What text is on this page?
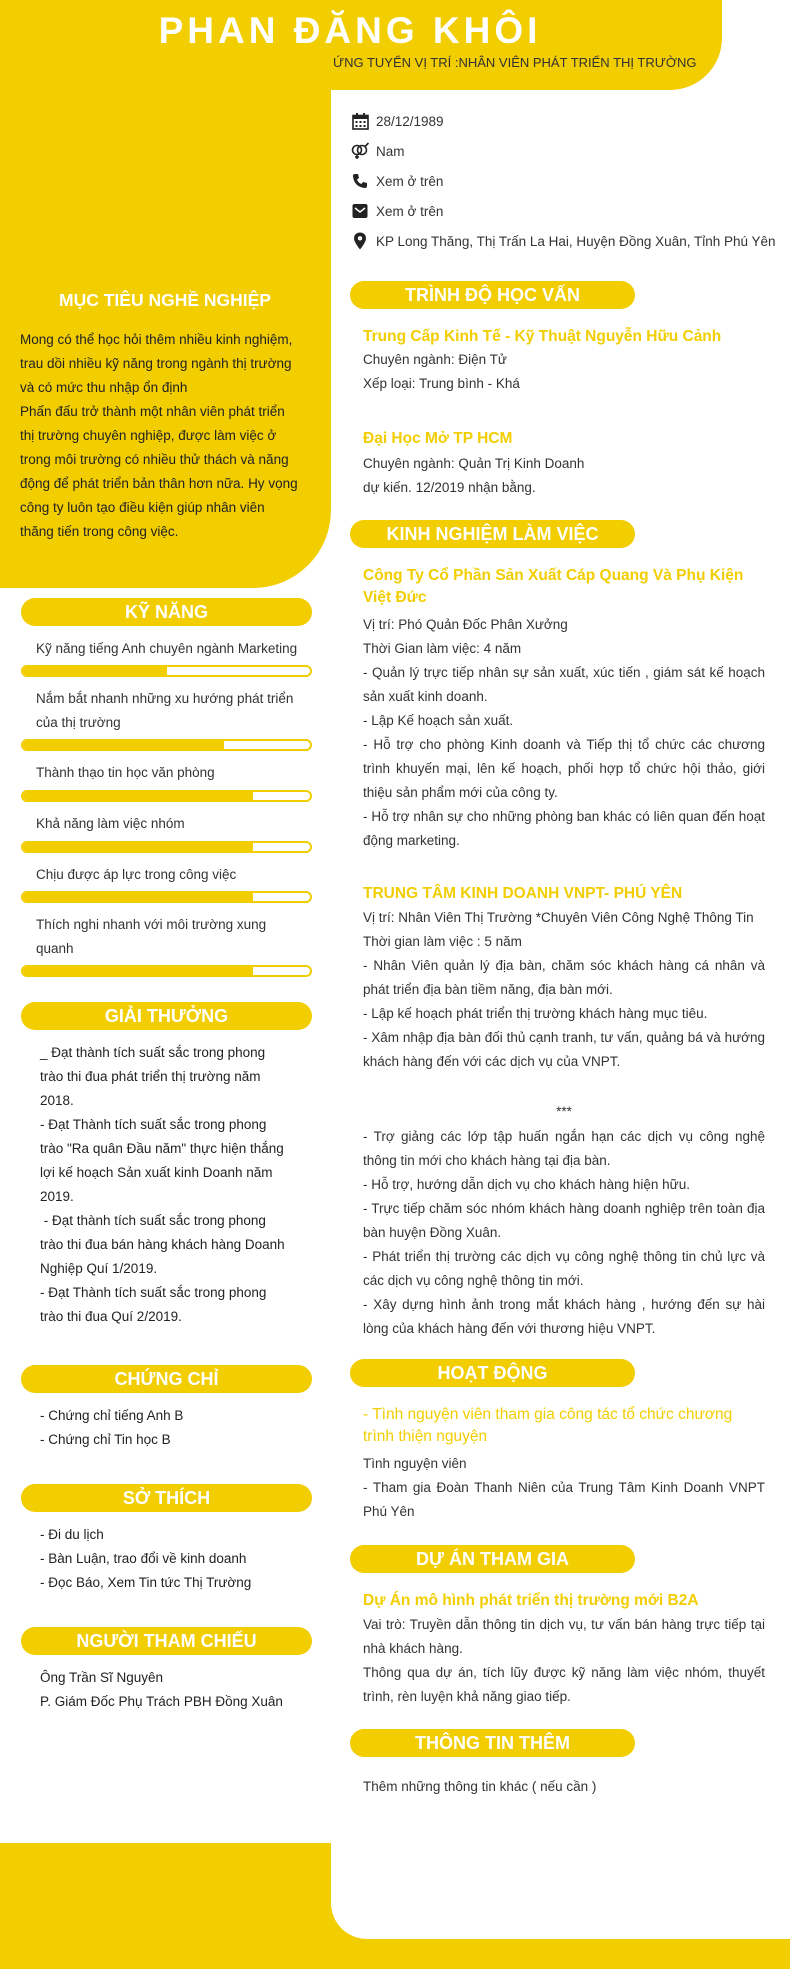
PHAN ĐĂNG KHÔI
ỨNG TUYỂN VỊ TRÍ :NHÂN VIÊN PHÁT TRIỂN THỊ TRƯỜNG
28/12/1989
Nam
Xem ở trên
Xem ở trên
KP Long Thăng, Thị Trấn La Hai, Huyện Đồng Xuân, Tỉnh Phú Yên
MỤC TIÊU NGHỀ NGHIỆP
Mong có thể học hỏi thêm nhiều kinh nghiệm,
trau dồi nhiều kỹ năng trong ngành thị trường
và có mức thu nhập ổn định
Phấn đấu trở thành một nhân viên phát triển
thị trường chuyên nghiệp, được làm việc ở
trong môi trường có nhiều thử thách và năng
động để phát triển bản thân hơn nữa. Hy vọng
công ty luôn tạo điều kiện giúp nhân viên
thăng tiến trong công việc.
KỸ NĂNG
Kỹ năng tiếng Anh chuyên ngành Marketing
Nắm bắt nhanh những xu hướng phát triển của thị trường
Thành thạo tin học văn phòng
Khả năng làm việc nhóm
Chịu được áp lực trong công việc
Thích nghi nhanh với môi trường xung quanh
GIẢI THƯỞNG
_ Đạt thành tích suất sắc trong phong
trào thi đua phát triển thị trường năm
2018.
- Đạt Thành tích suất sắc trong phong
trào "Ra quân Đầu năm" thực hiện thắng
lợi kế hoạch Sản xuất kinh Doanh năm
2019.
- Đạt thành tích suất sắc trong phong
trào thi đua bán hàng khách hàng Doanh
Nghiệp Quí 1/2019.
- Đạt Thành tích suất sắc trong phong
trào thi đua Quí 2/2019.
CHỨNG CHỈ
- Chứng chỉ tiếng Anh B
- Chứng chỉ Tin học B
SỞ THÍCH
- Đi du lịch
- Bàn Luận, trao đổi về kinh doanh
- Đọc Báo, Xem Tin tức Thị Trường
NGƯỜI THAM CHIẾU
Ông Trần Sĩ Nguyên
P. Giám Đốc Phụ Trách PBH Đồng Xuân
TRÌNH ĐỘ HỌC VẤN
Trung Cấp Kinh Tế - Kỹ Thuật Nguyễn Hữu Cảnh
Chuyên ngành: Điện Tử
Xếp loại: Trung bình - Khá
Đại Học Mở TP HCM
Chuyên ngành: Quản Trị Kinh Doanh
dự kiến. 12/2019 nhận bằng.
KINH NGHIỆM LÀM VIỆC
Công Ty Cổ Phần Sản Xuất Cáp Quang Và Phụ Kiện Việt Đức
Vị trí: Phó Quản Đốc Phân Xưởng
Thời Gian làm việc: 4 năm
- Quản lý trực tiếp nhân sự sản xuất, xúc tiến , giám sát kế hoạch sản xuất kinh doanh.
- Lập Kế hoạch sản xuất.
- Hỗ trợ cho phòng Kinh doanh và Tiếp thị tổ chức các chương trình khuyến mại, lên kế hoạch, phối hợp tổ chức hội thảo, giới thiệu sản phẩm mới của công ty.
- Hỗ trợ nhân sự cho những phòng ban khác có liên quan đến hoạt động marketing.
TRUNG TÂM KINH DOANH VNPT- PHÚ YÊN
Vị trí: Nhân Viên Thị Trường *Chuyên Viên Công Nghệ Thông Tin
Thời gian làm việc : 5 năm
- Nhân Viên quản lý địa bàn, chăm sóc khách hàng cá nhân và phát triển địa bàn tiềm năng, địa bàn mới.
- Lập kế hoạch phát triển thị trường khách hàng mục tiêu.
- Xâm nhập địa bàn đối thủ cạnh tranh, tư vấn, quảng bá và hướng khách hàng đến với các dịch vụ của VNPT.
***
- Trợ giảng các lớp tập huấn ngắn hạn các dịch vụ công nghệ thông tin mới cho khách hàng tại địa bàn.
- Hỗ trợ, hướng dẫn dịch vụ cho khách hàng hiện hữu.
- Trực tiếp chăm sóc nhóm khách hàng doanh nghiệp trên toàn địa bàn huyện Đồng Xuân.
- Phát triển thị trường các dịch vụ công nghệ thông tin chủ lực và các dịch vụ công nghệ thông tin mới.
- Xây dựng hình ảnh trong mắt khách hàng , hướng đến sự hài lòng của khách hàng đến với thương hiệu VNPT.
HOẠT ĐỘNG
- Tình nguyện viên tham gia công tác tổ chức chương trình thiện nguyện
Tình nguyện viên
- Tham gia Đoàn Thanh Niên của Trung Tâm Kinh Doanh VNPT Phú Yên
DỰ ÁN THAM GIA
Dự Án mô hình phát triển thị trường mới B2A
Vai trò: Truyền dẫn thông tin dịch vụ, tư vấn bán hàng trực tiếp tại nhà khách hàng.
Thông qua dự án, tích lũy được kỹ năng làm việc nhóm, thuyết trình, rèn luyện khả năng giao tiếp.
THÔNG TIN THÊM
Thêm những thông tin khác ( nếu cần )
